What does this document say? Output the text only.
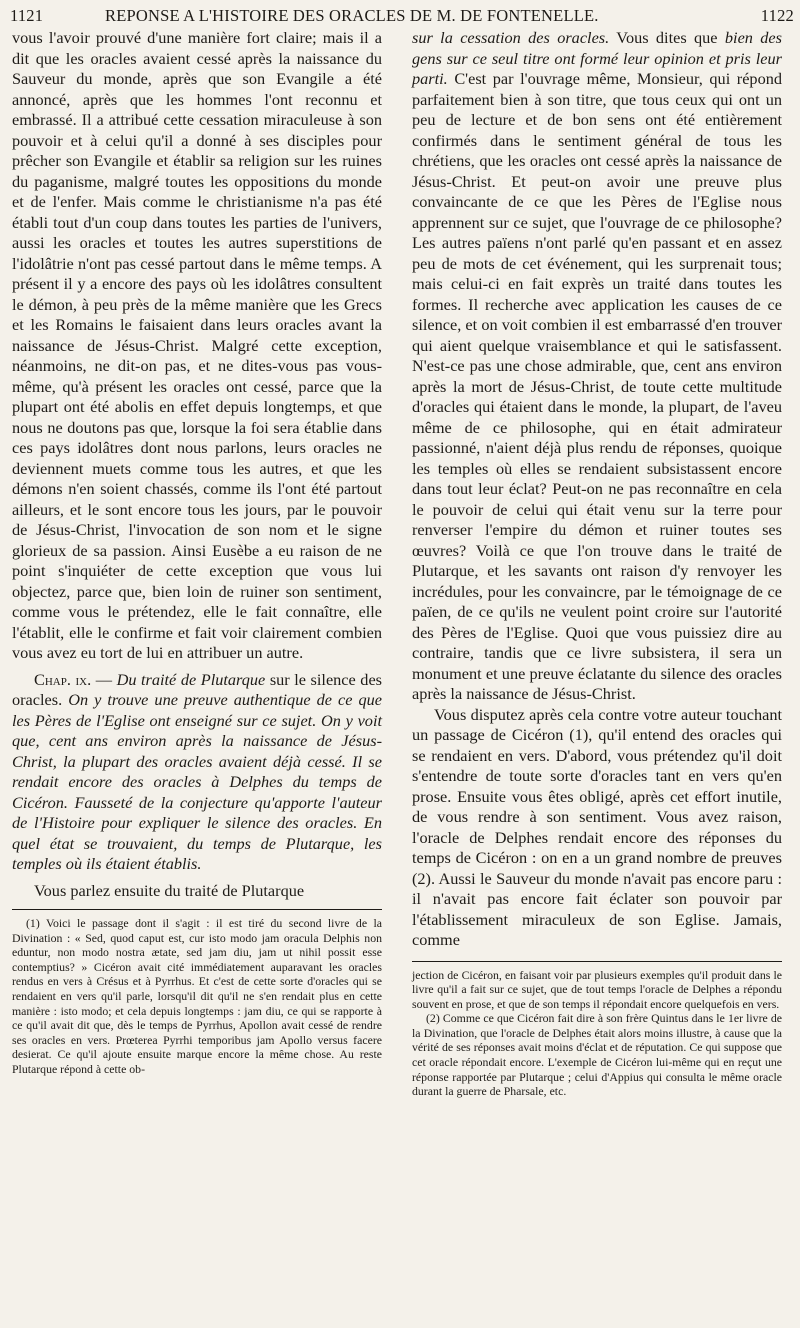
1121	REPONSE A L'HISTOIRE DES ORACLES DE M. DE FONTENELLE.	1122

vous l'avoir prouvé d'une manière fort claire; mais il a dit que les oracles avaient cessé après la naissance du Sauveur du monde, après que son Evangile a été annoncé, après que les hommes l'ont reconnu et embrassé. Il a attribué cette cessation miraculeuse à son pouvoir et à celui qu'il a donné à ses disciples pour prêcher son Evangile et établir sa religion sur les ruines du paganisme, malgré toutes les oppositions du monde et de l'enfer. Mais comme le christianisme n'a pas été établi tout d'un coup dans toutes les parties de l'univers, aussi les oracles et toutes les autres superstitions de l'idolâtrie n'ont pas cessé partout dans le même temps. A présent il y a encore des pays où les idolâtres consultent le démon, à peu près de la même manière que les Grecs et les Romains le faisaient dans leurs oracles avant la naissance de Jésus-Christ. Malgré cette exception, néanmoins, ne dit-on pas, et ne dites-vous pas vous-même, qu'à présent les oracles ont cessé, parce que la plupart ont été abolis en effet depuis longtemps, et que nous ne doutons pas que, lorsque la foi sera établie dans ces pays idolâtres dont nous parlons, leurs oracles ne deviennent muets comme tous les autres, et que les démons n'en soient chassés, comme ils l'ont été partout ailleurs, et le sont encore tous les jours, par le pouvoir de Jésus-Christ, l'invocation de son nom et le signe glorieux de sa passion. Ainsi Eusèbe a eu raison de ne point s'inquiéter de cette exception que vous lui objectez, parce que, bien loin de ruiner son sentiment, comme vous le prétendez, elle le fait connaître, elle l'établit, elle le confirme et fait voir clairement combien vous avez eu tort de lui en attribuer un autre.

Chap. ix. — Du traité de Plutarque sur le silence des oracles. On y trouve une preuve authentique de ce que les Pères de l'Eglise ont enseigné sur ce sujet. On y voit que, cent ans environ après la naissance de Jésus-Christ, la plupart des oracles avaient déjà cessé. Il se rendait encore des oracles à Delphes du temps de Cicéron. Fausseté de la conjecture qu'apporte l'auteur de l'Histoire pour expliquer le silence des oracles. En quel état se trouvaient, du temps de Plutarque, les temples où ils étaient établis.

Vous parlez ensuite du traité de Plutarque

(1) Voici le passage dont il s'agit : il est tiré du second livre de la Divination : « Sed, quod caput est, cur isto modo jam oracula Delphis non eduntur, non modo nostra ætate, sed jam diu, jam ut nihil possit esse contemptius? » Cicéron avait cité immédiatement auparavant les oracles rendus en vers à Crésus et à Pyrrhus. Et c'est de cette sorte d'oracles qui se rendaient en vers qu'il parle, lorsqu'il dit qu'il ne s'en rendait plus en cette manière : isto modo; et cela depuis longtemps : jam diu, ce qui se rapporte à ce qu'il avait dit que, dès le temps de Pyrrhus, Apollon avait cessé de rendre ses oracles en vers. Prœterea Pyrrhi temporibus jam Apollo versus facere desierat. Ce qu'il ajoute ensuite marque encore la même chose. Au reste Plutarque répond à cette ob-

sur la cessation des oracles. Vous dites que bien des gens sur ce seul titre ont formé leur opinion et pris leur parti. C'est par l'ouvrage même, Monsieur, qui répond parfaitement bien à son titre, que tous ceux qui ont un peu de lecture et de bon sens ont été entièrement confirmés dans le sentiment général de tous les chrétiens, que les oracles ont cessé après la naissance de Jésus-Christ. Et peut-on avoir une preuve plus convaincante de ce que les Pères de l'Eglise nous apprennent sur ce sujet, que l'ouvrage de ce philosophe? Les autres païens n'ont parlé qu'en passant et en assez peu de mots de cet événement, qui les surprenait tous; mais celui-ci en fait exprès un traité dans toutes les formes. Il recherche avec application les causes de ce silence, et on voit combien il est embarrassé d'en trouver qui aient quelque vraisemblance et qui le satisfassent. N'est-ce pas une chose admirable, que, cent ans environ après la mort de Jésus-Christ, de toute cette multitude d'oracles qui étaient dans le monde, la plupart, de l'aveu même de ce philosophe, qui en était admirateur passionné, n'aient déjà plus rendu de réponses, quoique les temples où elles se rendaient subsistassent encore dans tout leur éclat? Peut-on ne pas reconnaître en cela le pouvoir de celui qui était venu sur la terre pour renverser l'empire du démon et ruiner toutes ses œuvres? Voilà ce que l'on trouve dans le traité de Plutarque, et les savants ont raison d'y renvoyer les incrédules, pour les convaincre, par le témoignage de ce païen, de ce qu'ils ne veulent point croire sur l'autorité des Pères de l'Eglise. Quoi que vous puissiez dire au contraire, tandis que ce livre subsistera, il sera un monument et une preuve éclatante du silence des oracles après la naissance de Jésus-Christ.

Vous disputez après cela contre votre auteur touchant un passage de Cicéron (1), qu'il entend des oracles qui se rendaient en vers. D'abord, vous prétendez qu'il doit s'entendre de toute sorte d'oracles tant en vers qu'en prose. Ensuite vous êtes obligé, après cet effort inutile, de vous rendre à son sentiment. Vous avez raison, l'oracle de Delphes rendait encore des réponses du temps de Cicéron : on en a un grand nombre de preuves (2). Aussi le Sauveur du monde n'avait pas encore paru : il n'avait pas encore fait éclater son pouvoir par l'établissement miraculeux de son Eglise. Jamais, comme

jection de Cicéron, en faisant voir par plusieurs exemples qu'il produit dans le livre qu'il a fait sur ce sujet, que de tout temps l'oracle de Delphes a répondu souvent en prose, et que de son temps il répondait encore quelquefois en vers.

(2) Comme ce que Cicéron fait dire à son frère Quintus dans le 1er livre de la Divination, que l'oracle de Delphes était alors moins illustre, à cause que la vérité de ses réponses avait moins d'éclat et de réputation. Ce qui suppose que cet oracle répondait encore. L'exemple de Cicéron lui-même qui en reçut une réponse rapportée par Plutarque ; celui d'Appius qui consulta le même oracle durant la guerre de Pharsale, etc.
